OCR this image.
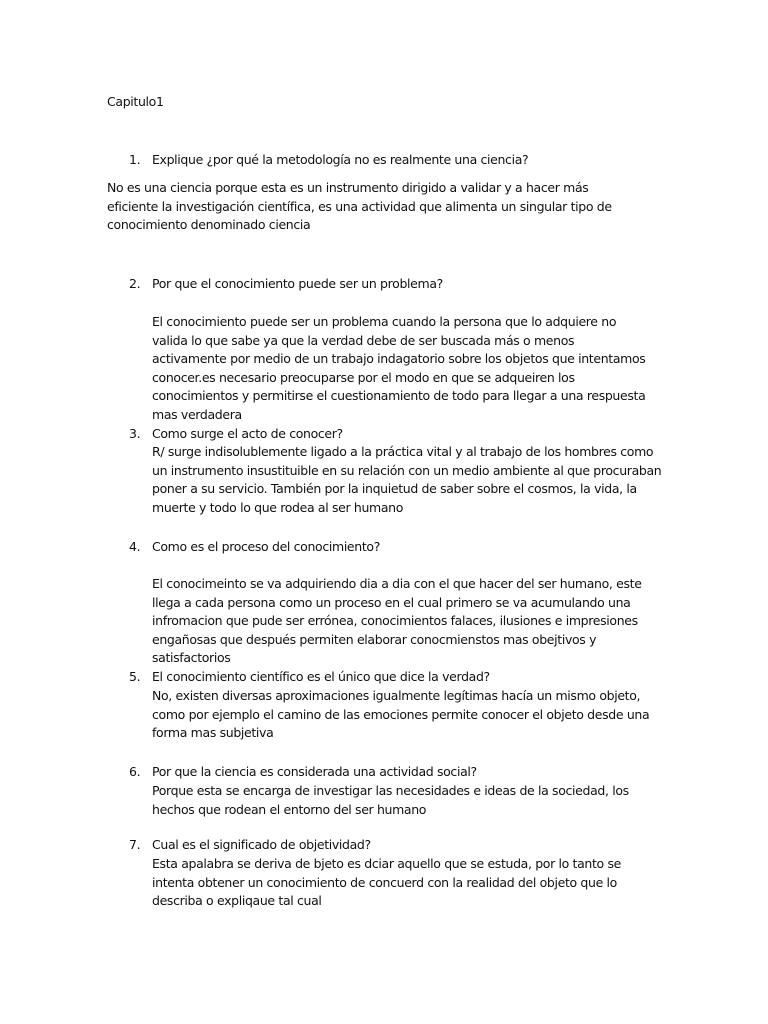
Capitulo1

1. Explique ¿por qué la metodología no es realmente una ciencia?

No es una ciencia porque esta es un instrumento dirigido a validar y a hacer más eficiente la investigación científica, es una actividad que alimenta un singular tipo de conocimiento denominado ciencia

2. Por que el conocimiento puede ser un problema?

El conocimiento puede ser un problema cuando la persona que lo adquiere no valida lo que sabe ya que la verdad debe de ser buscada más o menos activamente por medio de un trabajo indagatorio sobre los objetos que intentamos conocer.es necesario preocuparse por el modo en que se adqueiren los conocimientos y permitirse el cuestionamiento de todo para llegar a una respuesta mas verdadera

3. Como surge el acto de conocer?

R/ surge indisolublemente ligado a la práctica vital y al trabajo de los hombres como un instrumento insustituible en su relación con un medio ambiente al que procuraban poner a su servicio. También por la inquietud de saber sobre el cosmos, la vida, la muerte y todo lo que rodea al ser humano

4. Como es el proceso del conocimiento?

El conocimeinto se va adquiriendo dia a dia con el que hacer del ser humano, este llega a cada persona como un proceso en el cual primero se va acumulando una infromacion que pude ser errónea, conocimientos falaces, ilusiones e impresiones engañosas que después permiten elaborar conocmienstos mas obejtivos y satisfactorios

5. El conocimiento científico es el único que dice la verdad?

No, existen diversas aproximaciones igualmente legítimas hacía un mismo objeto, como por ejemplo el camino de las emociones permite conocer el objeto desde una forma mas subjetiva

6. Por que la ciencia es considerada una actividad social?

Porque esta se encarga de investigar las necesidades e ideas de la sociedad, los hechos que rodean el entorno del ser humano

7. Cual es el significado de objetividad?

Esta apalabra se deriva de bjeto es dciar aquello que se estuda, por lo tanto se intenta obtener un conocimiento de concuerd con la realidad del objeto que lo describa o expliqaue tal cual
